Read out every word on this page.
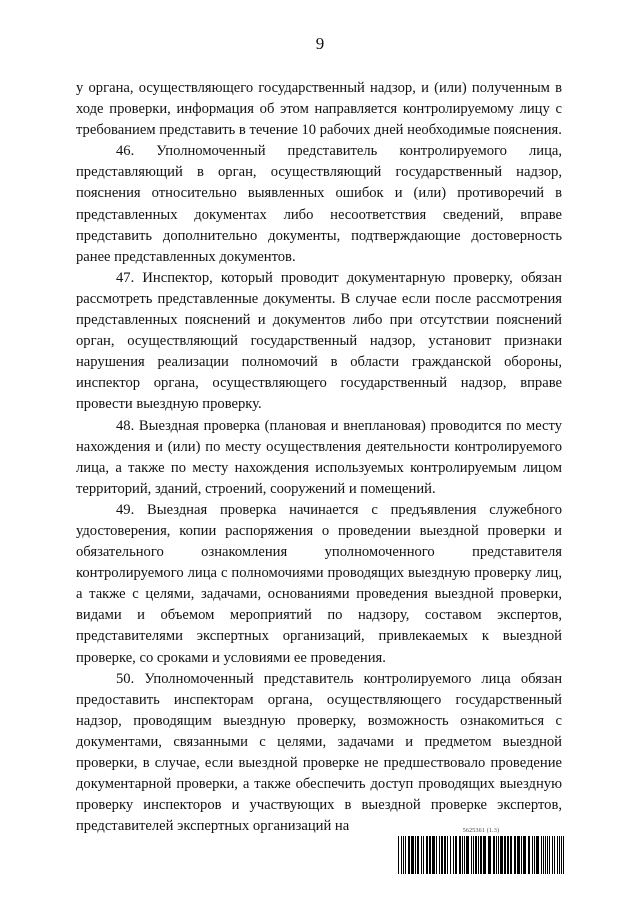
9

у органа, осуществляющего государственный надзор, и (или) полученным в ходе проверки, информация об этом направляется контролируемому лицу с требованием представить в течение 10 рабочих дней необходимые пояснения.

46. Уполномоченный представитель контролируемого лица, представляющий в орган, осуществляющий государственный надзор, пояснения относительно выявленных ошибок и (или) противоречий в представленных документах либо несоответствия сведений, вправе представить дополнительно документы, подтверждающие достоверность ранее представленных документов.

47. Инспектор, который проводит документарную проверку, обязан рассмотреть представленные документы. В случае если после рассмотрения представленных пояснений и документов либо при отсутствии пояснений орган, осуществляющий государственный надзор, установит признаки нарушения реализации полномочий в области гражданской обороны, инспектор органа, осуществляющего государственный надзор, вправе провести выездную проверку.

48. Выездная проверка (плановая и внеплановая) проводится по месту нахождения и (или) по месту осуществления деятельности контролируемого лица, а также по месту нахождения используемых контролируемым лицом территорий, зданий, строений, сооружений и помещений.

49. Выездная проверка начинается с предъявления служебного удостоверения, копии распоряжения о проведении выездной проверки и обязательного ознакомления уполномоченного представителя контролируемого лица с полномочиями проводящих выездную проверку лиц, а также с целями, задачами, основаниями проведения выездной проверки, видами и объемом мероприятий по надзору, составом экспертов, представителями экспертных организаций, привлекаемых к выездной проверке, со сроками и условиями ее проведения.

50. Уполномоченный представитель контролируемого лица обязан предоставить инспекторам органа, осуществляющего государственный надзор, проводящим выездную проверку, возможность ознакомиться с документами, связанными с целями, задачами и предметом выездной проверки, в случае, если выездной проверке не предшествовало проведение документарной проверки, а также обеспечить доступ проводящих выездную проверку инспекторов и участвующих в выездной проверке экспертов, представителей экспертных организаций на	5625361 (1.3)
